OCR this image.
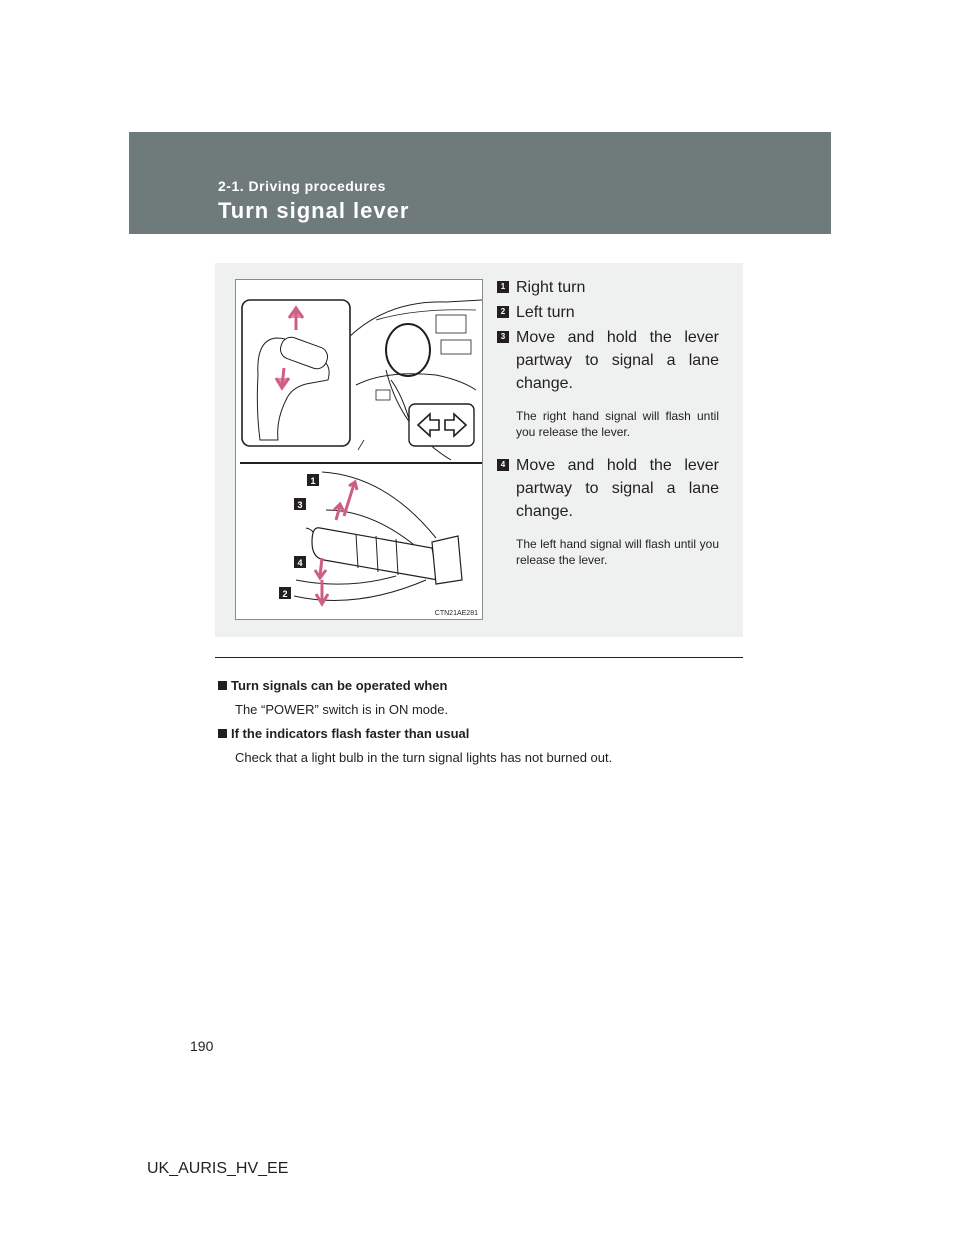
2-1. Driving procedures
Turn signal lever
1
3
4
2
CTN21AE281
1 Right turn
2 Left turn
3 Move and hold the lever partway to signal a lane change.
The right hand signal will flash until you release the lever.
4 Move and hold the lever partway to signal a lane change.
The left hand signal will flash until you release the lever.
Turn signals can be operated when
The “POWER” switch is in ON mode.
If the indicators flash faster than usual
Check that a light bulb in the turn signal lights has not burned out.
190
UK_AURIS_HV_EE
